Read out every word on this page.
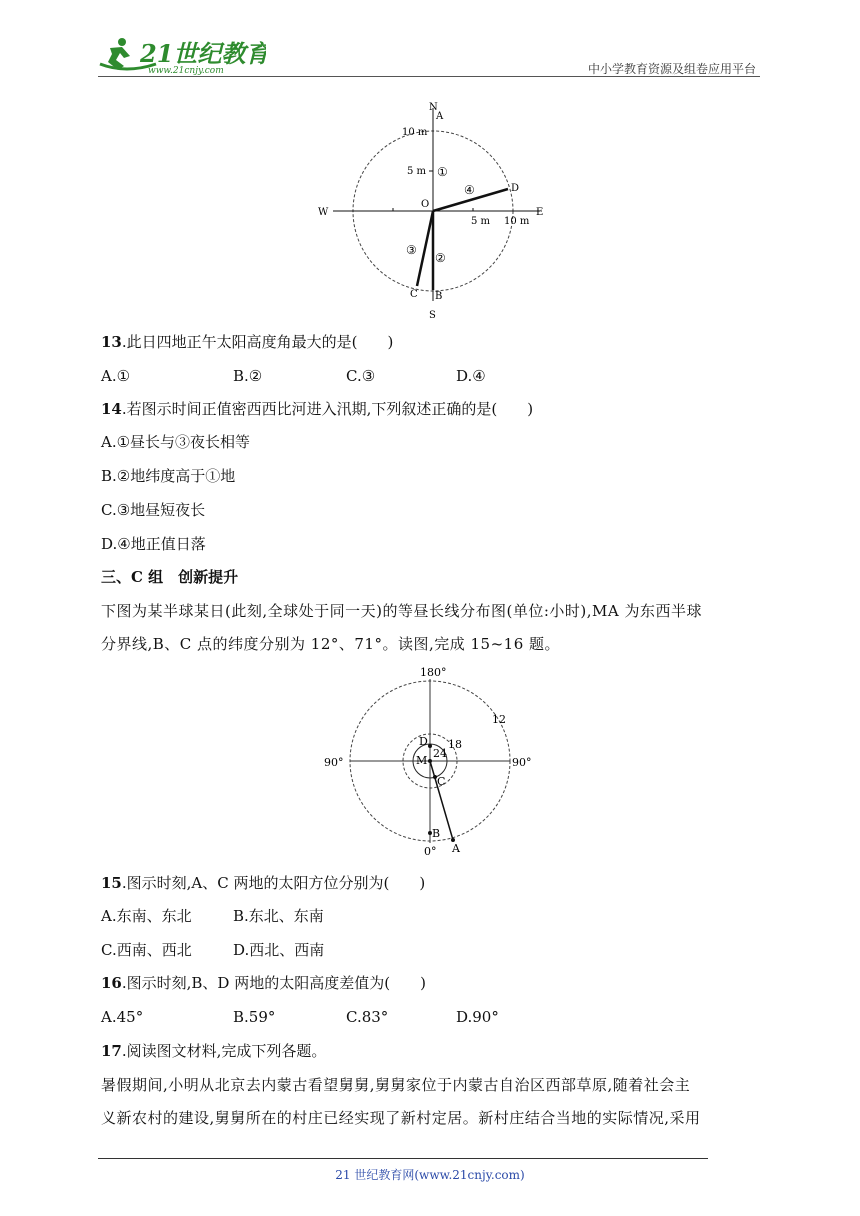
21世纪教育
www.21cnjy.com	中小学教育资源及组卷应用平台
N
S
E
W
10 m
5 m
5 m 10 m
A
B
C
D
O
①
④
③
②
13.此日四地正午太阳高度角最大的是(　　)
A.①	B.②	C.③	D.④
14.若图示时间正值密西西比河进入汛期,下列叙述正确的是(　　)
A.①昼长与③夜长相等
B.②地纬度高于①地
C.③地昼短夜长
D.④地正值日落
三、C 组　创新提升
下图为某半球某日(此刻,全球处于同一天)的等昼长线分布图(单位:小时),MA 为东西半球
分界线,B、C 点的纬度分别为 12°、71°。读图,完成 15~16 题。
180°
90°	90°
0°
12
18
24
D
M
C
B
A
15.图示时刻,A、C 两地的太阳方位分别为(　　)
A.东南、东北	B.东北、东南
C.西南、西北	D.西北、西南
16.图示时刻,B、D 两地的太阳高度差值为(　　)
A.45°	B.59°	C.83°	D.90°
17.阅读图文材料,完成下列各题。
暑假期间,小明从北京去内蒙古看望舅舅,舅舅家位于内蒙古自治区西部草原,随着社会主
义新农村的建设,舅舅所在的村庄已经实现了新村定居。新村庄结合当地的实际情况,采用
21 世纪教育网(www.21cnjy.com)
